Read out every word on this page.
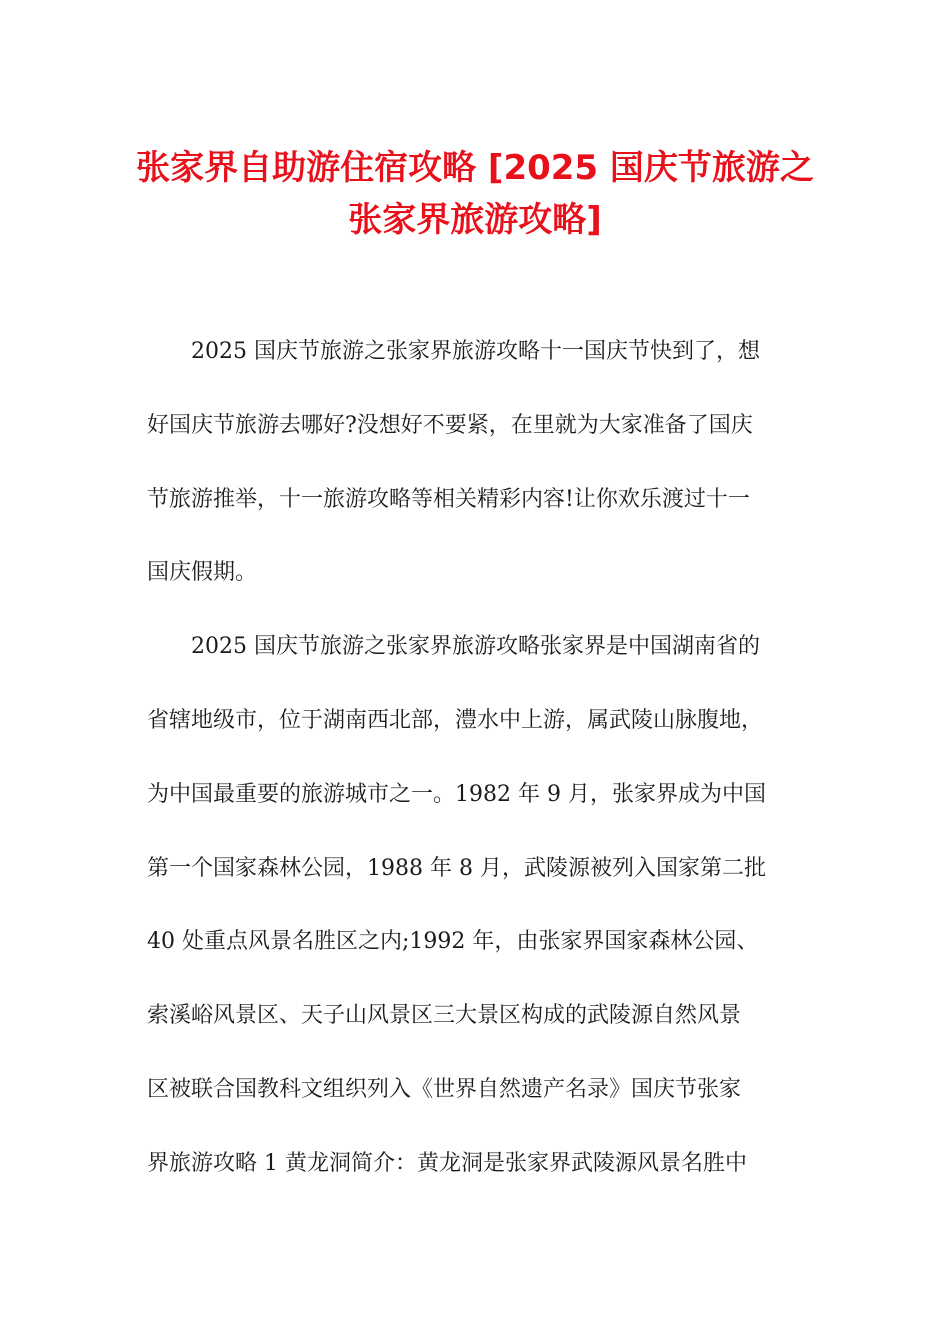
张家界自助游住宿攻略 [2025 国庆节旅游之
张家界旅游攻略]
　　2025 国庆节旅游之张家界旅游攻略十一国庆节快到了，想
好国庆节旅游去哪好?没想好不要紧，在里就为大家准备了国庆
节旅游推举，十一旅游攻略等相关精彩内容!让你欢乐渡过十一
国庆假期。
　　2025 国庆节旅游之张家界旅游攻略张家界是中国湖南省的
省辖地级市，位于湖南西北部，澧水中上游，属武陵山脉腹地，
为中国最重要的旅游城市之一。1982 年 9 月，张家界成为中国
第一个国家森林公园，1988 年 8 月，武陵源被列入国家第二批
40 处重点风景名胜区之内;1992 年，由张家界国家森林公园、
索溪峪风景区、天子山风景区三大景区构成的武陵源自然风景
区被联合国教科文组织列入《世界自然遗产名录》国庆节张家
界旅游攻略 1 黄龙洞简介：黄龙洞是张家界武陵源风景名胜中
